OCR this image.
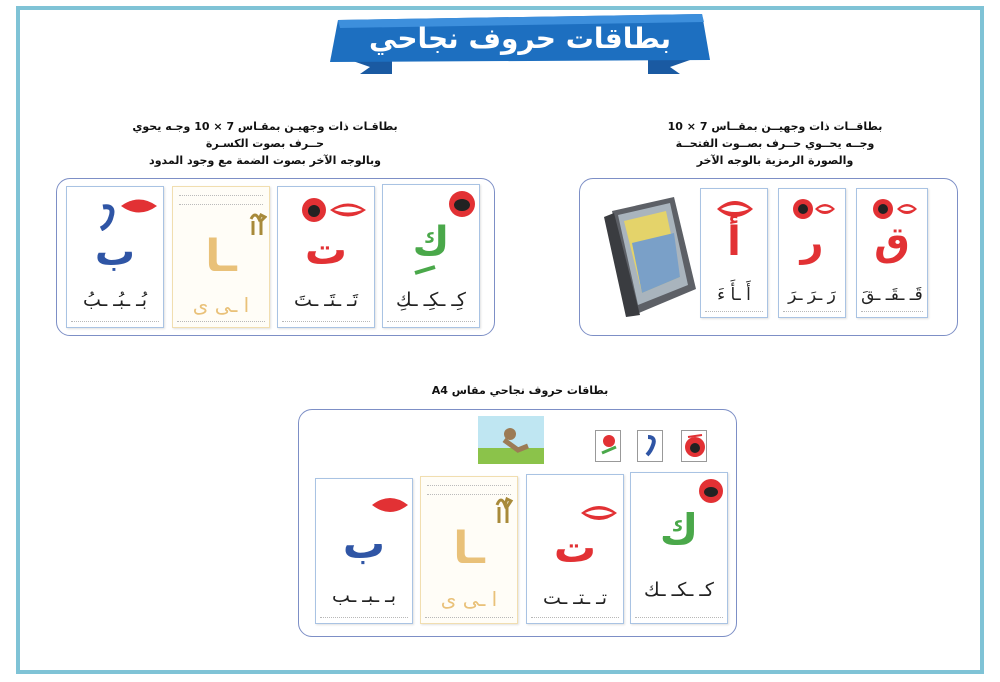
بطاقات حروف نجاحي
بطاقــات ذات وجهيــن بمقــاس 7 × 10
وجــه يحــوي حــرف بصــوت الفتحــة
والصورة الرمزية بالوجه الآخر
بطاقـات ذات وجهيـن بمقـاس 7 × 10 وجـه يحوي
حــرف بصوت الكسـرة
وبالوجه الآخر بصوت الضمة مع وجود المدود
أ
أَ ـأَ ءَ
ر
رَ ـرَ ـرَ
ق
قَـ ـقَـ ـقَ
ب
بُـ ـبُـ ـبُ
ـا
ا ـى ى
ت
تَـ ـتَـ ـتَ
ك
كِـ ـكِـ ـكِ
بطاقات حروف نجاحي مقاس A4
ب
بـ ـبـ ـب
ـا
ا ـى ى
ت
تـ ـتـ ـت
ك
كـ ـكـ ـك
